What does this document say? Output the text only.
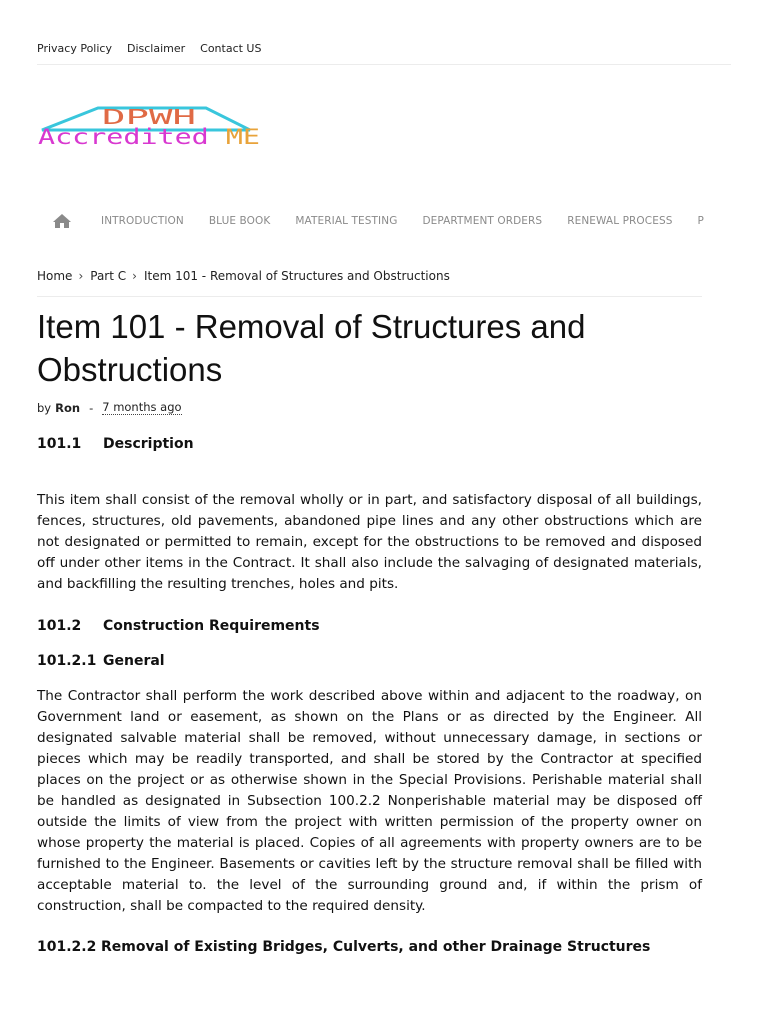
Privacy Policy Disclaimer Contact US
DPWH
Accredited ME
INTRODUCTION BLUE BOOK MATERIAL TESTING DEPARTMENT ORDERS RENEWAL PROCESS P
Home › Part C › Item 101 - Removal of Structures and Obstructions
Item 101 - Removal of Structures and Obstructions
by Ron - 7 months ago
101.1	Description

This item shall consist of the removal wholly or in part, and satisfactory disposal of all buildings, fences, structures, old pavements, abandoned pipe lines and any other obstructions which are not designated or permitted to remain, except for the obstructions to be removed and disposed off under other items in the Contract. It shall also include the salvaging of designated materials, and backfilling the resulting trenches, holes and pits.

101.2	Construction Requirements
101.2.1 General

The Contractor shall perform the work described above within and adjacent to the roadway, on Government land or easement, as shown on the Plans or as directed by the Engineer. All designated salvable material shall be removed, without unnecessary damage, in sections or pieces which may be readily transported, and shall be stored by the Contractor at specified places on the project or as otherwise shown in the Special Provisions. Perishable material shall be handled as designated in Subsection 100.2.2 Nonperishable material may be disposed off outside the limits of view from the project with written permission of the property owner on whose property the material is placed. Copies of all agreements with property owners are to be furnished to the Engineer. Basements or cavities left by the structure removal shall be filled with acceptable material to. the level of the surrounding ground and, if within the prism of construction, shall be compacted to the required density.

101.2.2 Removal of Existing Bridges, Culverts, and other Drainage Structures
